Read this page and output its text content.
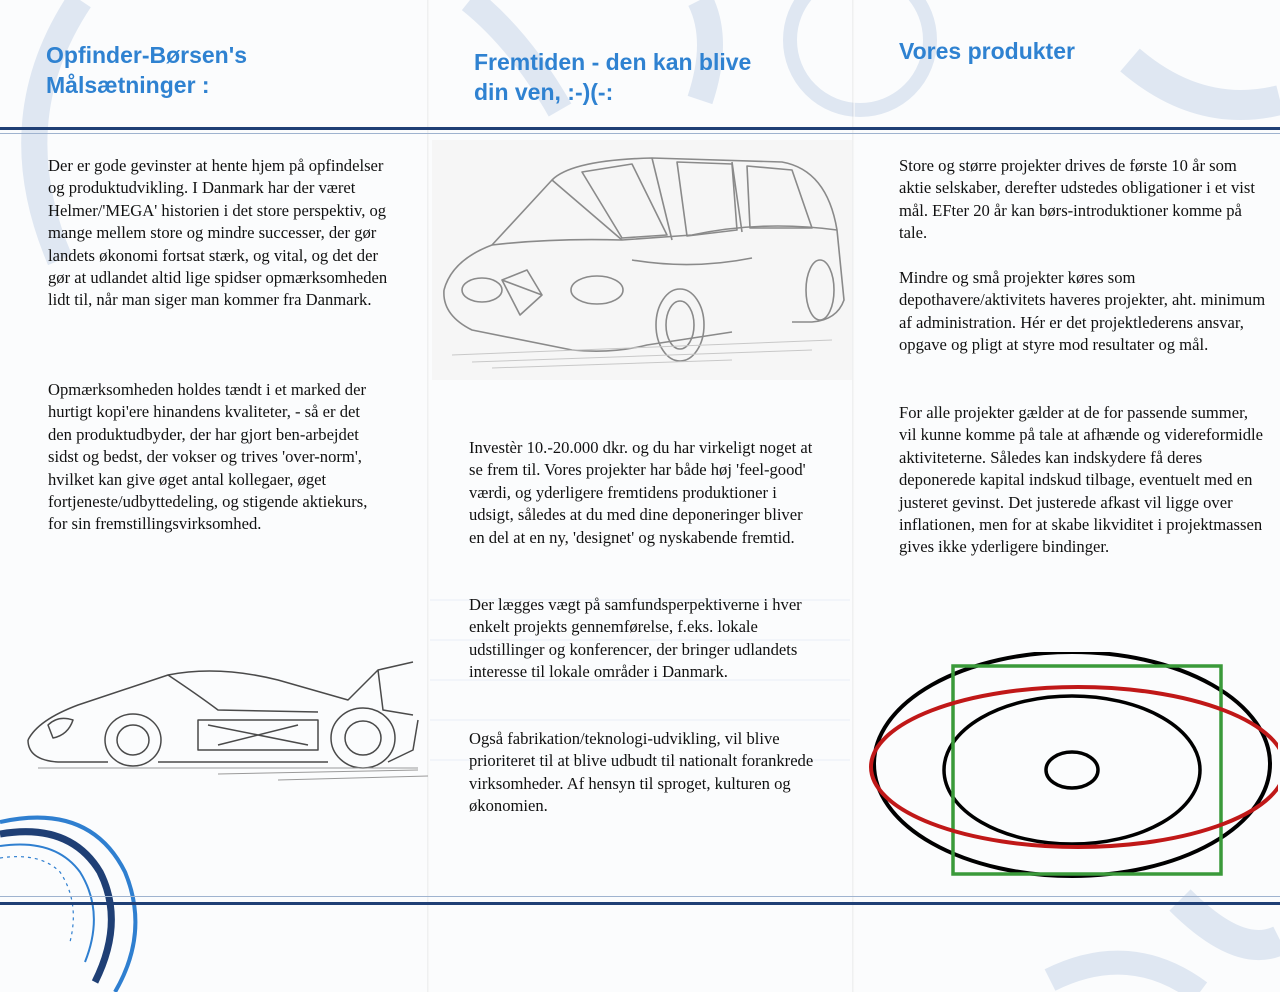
Opfinder-Børsen's
Målsætninger :
Fremtiden - den kan blive
din ven, :-)(-:
Vores produkter

Der er gode gevinster at hente hjem på opfindelser og produktudvikling. I Danmark har der været Helmer/'MEGA' historien i det store perspektiv, og mange mellem store og mindre successer, der gør landets økonomi fortsat stærk, og vital, og det der gør at udlandet altid lige spidser opmærksomheden lidt til, når man siger man kommer fra Danmark.

Opmærksomheden holdes tændt i et marked der hurtigt kopi'ere hinandens kvaliteter, - så er det den produktudbyder, der har gjort ben-arbejdet sidst og bedst, der vokser og trives 'over-norm', hvilket kan give øget antal kollegaer, øget fortjeneste/udbyttedeling, og stigende aktiekurs, for sin fremstillingsvirksomhed.

Investèr 10.-20.000 dkr. og du har virkeligt noget at se frem til. Vores projekter har både høj 'feel-good' værdi, og yderligere fremtidens produktioner i udsigt, således at du med dine deponeringer bliver en del at en ny, 'designet' og nyskabende fremtid.

Der lægges vægt på samfundsperpektiverne i hver enkelt projekts gennemførelse, f.eks. lokale udstillinger og konferencer, der bringer udlandets interesse til lokale områder i Danmark.

Også fabrikation/teknologi-udvikling, vil blive prioriteret til at blive udbudt til nationalt forankrede virksomheder. Af hensyn til sproget, kulturen og økonomien.

Store og større projekter drives de første 10 år som aktie selskaber, derefter udstedes obligationer i et vist mål. EFter 20 år kan børs-introduktioner komme på tale.

Mindre og små projekter køres som depothavere/aktivitets haveres projekter, aht. minimum af administration. Hér er det projektlederens ansvar, opgave og pligt at styre mod resultater og mål.

For alle projekter gælder at de for passende summer, vil kunne komme på tale at afhænde og videreformidle aktiviteterne. Således kan indskydere få deres deponerede kapital indskud tilbage, eventuelt med en justeret gevinst. Det justerede afkast vil ligge over inflationen, men for at skabe likviditet i projektmassen gives ikke yderligere bindinger.
